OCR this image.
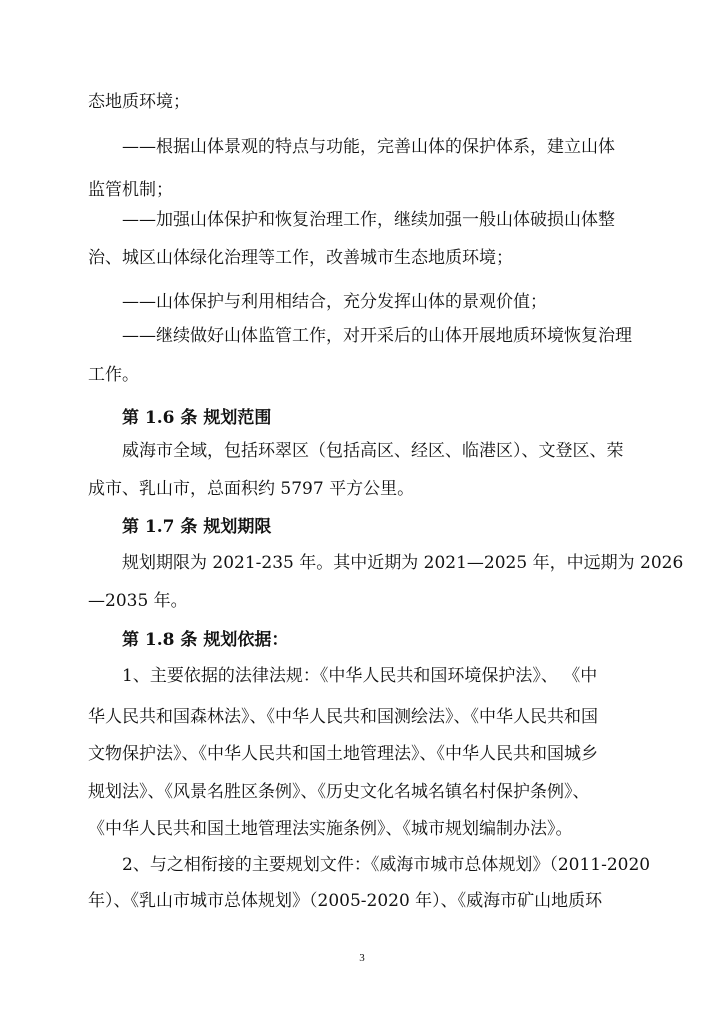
态地质环境；
——根据山体景观的特点与功能，完善山体的保护体系，建立山体
监管机制；
——加强山体保护和恢复治理工作，继续加强一般山体破损山体整
治、城区山体绿化治理等工作，改善城市生态地质环境；
——山体保护与利用相结合，充分发挥山体的景观价值；
——继续做好山体监管工作，对开采后的山体开展地质环境恢复治理
工作。
第 1.6 条 规划范围
威海市全域，包括环翠区（包括高区、经区、临港区）、文登区、荣
成市、乳山市，总面积约 5797 平方公里。
第 1.7 条 规划期限
规划期限为 2021-235 年。其中近期为 2021—2025 年，中远期为 2026
—2035 年。
第 1.8 条 规划依据：
1、主要依据的法律法规：《中华人民共和国环境保护法》、 《中
华人民共和国森林法》、《中华人民共和国测绘法》、《中华人民共和国
文物保护法》、《中华人民共和国土地管理法》、《中华人民共和国城乡
规划法》、《风景名胜区条例》、《历史文化名城名镇名村保护条例》、
《中华人民共和国土地管理法实施条例》、《城市规划编制办法》。
2、与之相衔接的主要规划文件：《威海市城市总体规划》（2011-2020
年）、《乳山市城市总体规划》（2005-2020 年）、《威海市矿山地质环
3
